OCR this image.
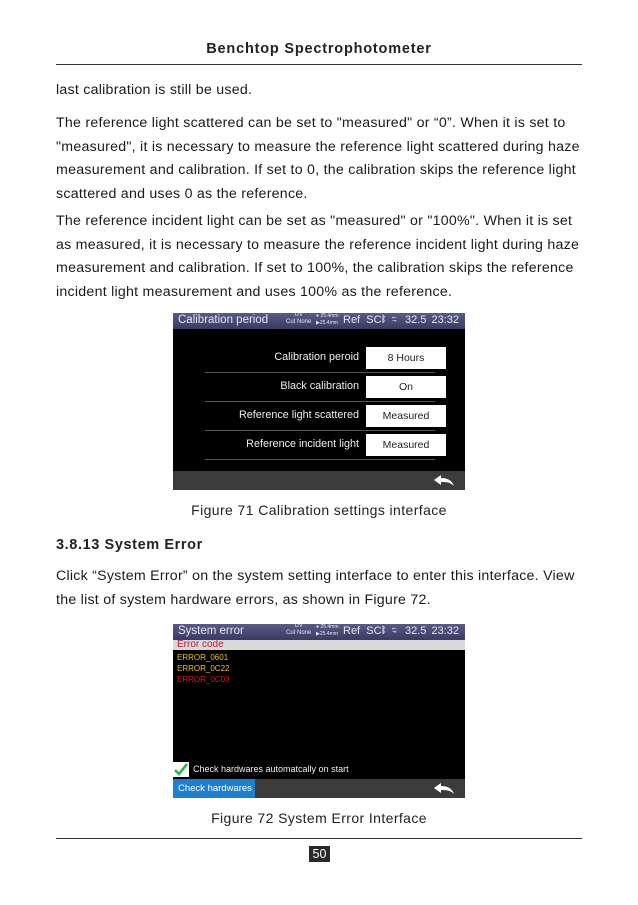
Benchtop Spectrophotometer

last calibration is still be used.

The reference light scattered can be set to "measured" or “0”. When it is set to "measured", it is necessary to measure the reference light scattered during haze measurement and calibration. If set to 0, the calibration skips the reference light scattered and uses 0 as the reference.

The reference incident light can be set as "measured" or "100%". When it is set as measured, it is necessary to measure the reference incident light during haze measurement and calibration. If set to 100%, the calibration skips the reference incident light measurement and uses 100% as the reference.

Calibration period	UV
Cut None
● 25.4mm
▶25.4mm Ref SCI
ᛒ ⇆ 32.5 23:32
Calibration peroid	8 Hours
Black calibration	On
Reference light scattered	Measured
Reference incident light	Measured
Figure 71 Calibration settings interface
3.8.13 System Error

Click “System Error” on the system setting interface to enter this interface. View the list of system hardware errors, as shown in Figure 72.

System error	UV
Cut None
● 25.4mm
▶25.4mm Ref SCI
ᛒ ⇆ 32.5 23:32
Error code
ERROR_0601
ERROR_0C22
ERROR_0C03
Check hardwares automatcally on start
Check hardwares
Figure 72 System Error Interface
50
